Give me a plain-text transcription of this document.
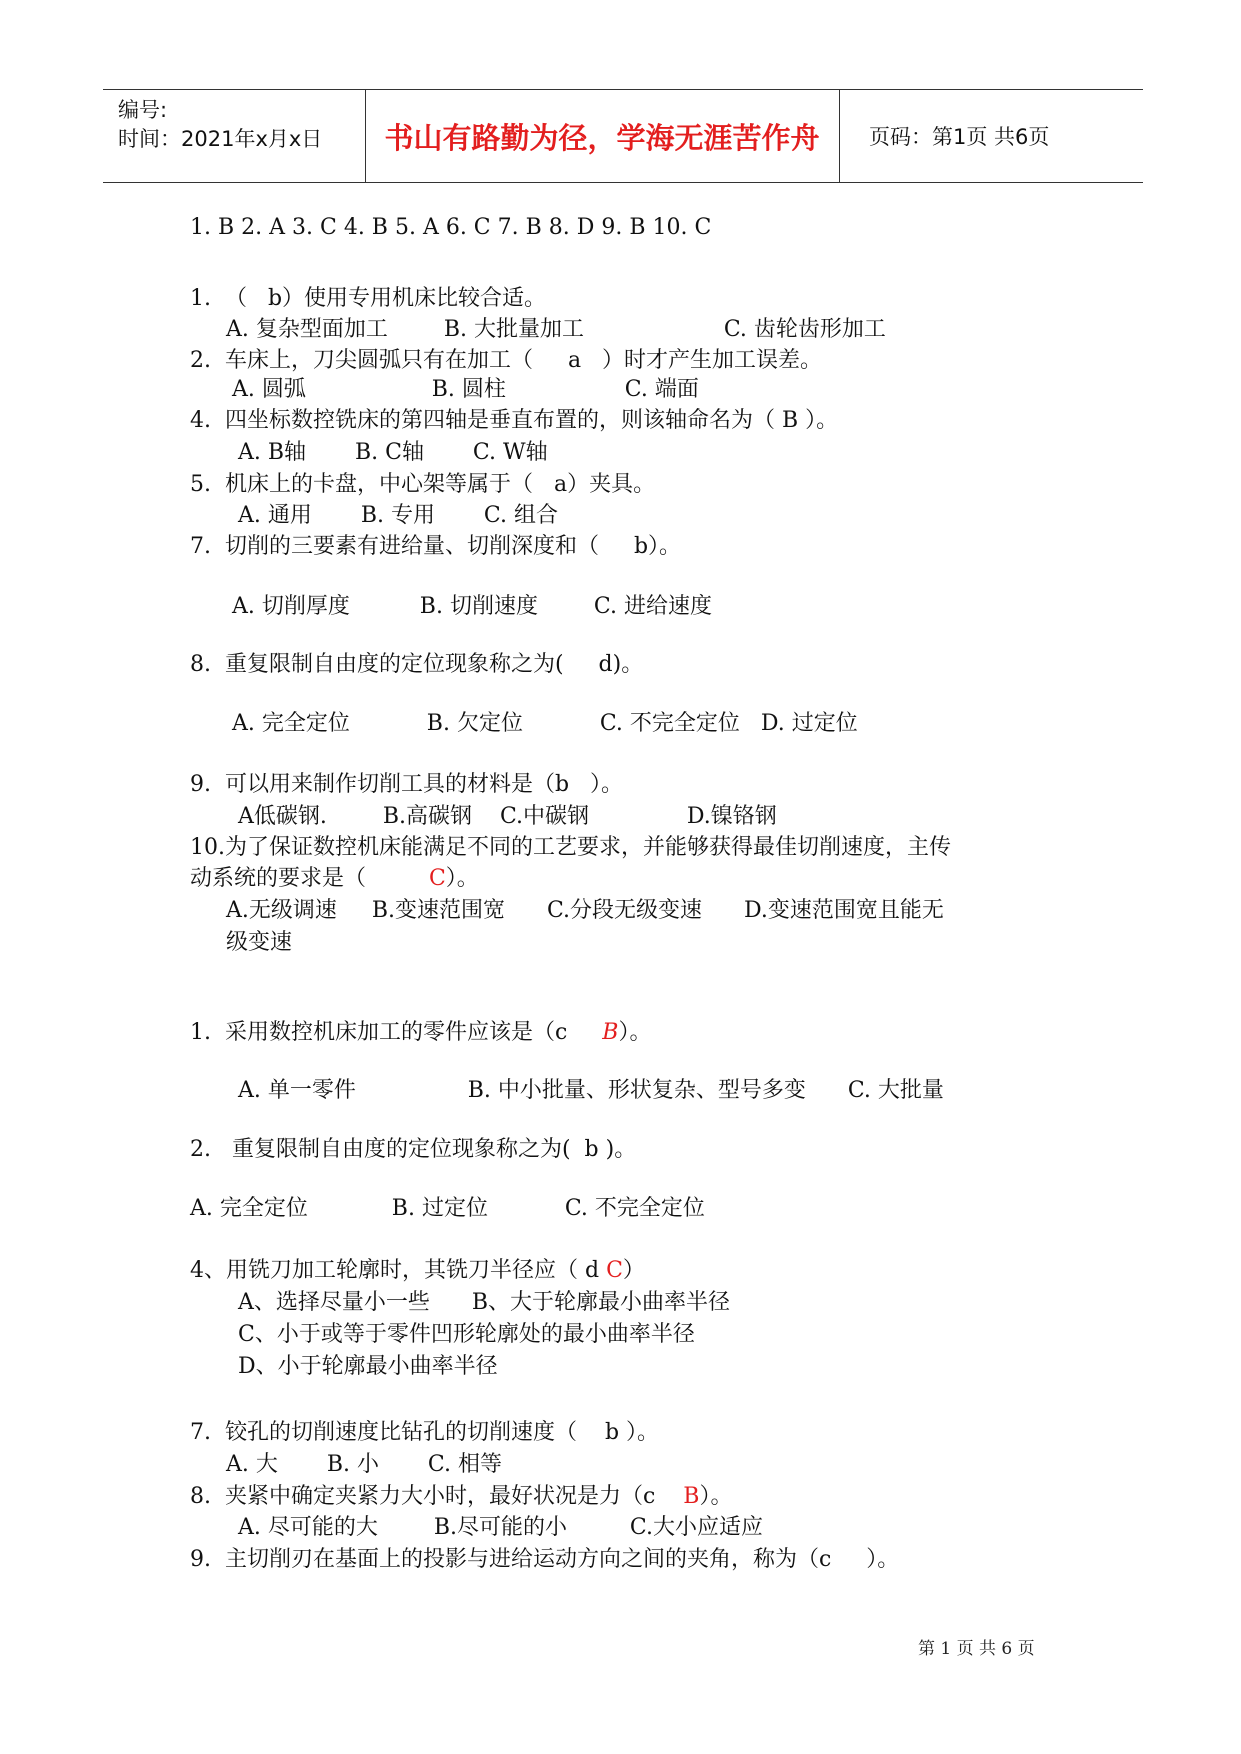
编号:
时间：2021年x月x日	书山有路勤为径，学海无涯苦作舟	页码：第1页 共6页
1. B 2. A 3. C 4. B 5. A 6. C 7. B 8. D 9. B 10. C
1.  （   b）使用专用机床比较合适。
A. 复杂型面加工        B. 大批量加工                    C. 齿轮齿形加工
2.  车床上，刀尖圆弧只有在加工（     a   ）时才产生加工误差。
A. 圆弧                  B. 圆柱                 C. 端面
4.  四坐标数控铣床的第四轴是垂直布置的，则该轴命名为（ B ）。
A. B轴       B. C轴       C. W轴
5.  机床上的卡盘，中心架等属于（   a）夹具。
A. 通用       B. 专用       C. 组合
7.  切削的三要素有进给量、切削深度和（     b）。
A. 切削厚度          B. 切削速度        C. 进给速度
8.  重复限制自由度的定位现象称之为(     d)。
A. 完全定位           B. 欠定位           C. 不完全定位   D. 过定位
9.  可以用来制作切削工具的材料是（b   ）。
A低碳钢.        B.高碳钢    C.中碳钢              D.镍铬钢
10.为了保证数控机床能满足不同的工艺要求，并能够获得最佳切削速度，主传
动系统的要求是（         C）。
A.无级调速     B.变速范围宽      C.分段无级变速      D.变速范围宽且能无
级变速
1.  采用数控机床加工的零件应该是（c     B）。
A. 单一零件                B. 中小批量、形状复杂、型号多变      C. 大批量
2.   重复限制自由度的定位现象称之为(  b )。
A. 完全定位            B. 过定位           C. 不完全定位
4、用铣刀加工轮廓时，其铣刀半径应（ d C）
A、选择尽量小一些      B、大于轮廓最小曲率半径
C、小于或等于零件凹形轮廓处的最小曲率半径
D、小于轮廓最小曲率半径
7.  铰孔的切削速度比钻孔的切削速度（    b ）。
A. 大       B. 小       C. 相等
8.  夹紧中确定夹紧力大小时，最好状况是力（c    B）。
A. 尽可能的大        B.尽可能的小         C.大小应适应
9.  主切削刃在基面上的投影与进给运动方向之间的夹角，称为（c     ）。
第 1 页 共 6 页
